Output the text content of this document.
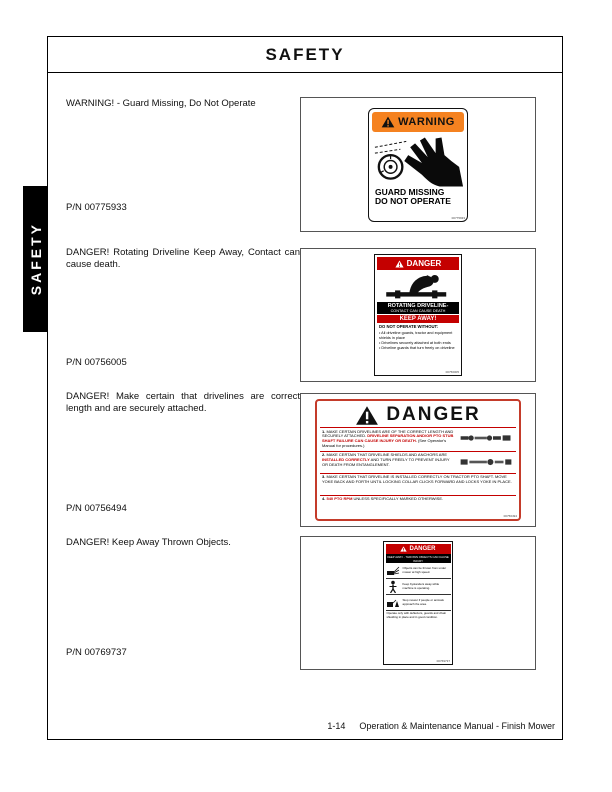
SAFETY
SAFETY

WARNING! - Guard Missing, Do Not Operate

P/N 00775933

WARNING
GUARD MISSING
DO NOT OPERATE
00775933

DANGER! Rotating Driveline Keep Away, Contact can cause death.

P/N 00756005

DANGER
ROTATING DRIVELINE-
CONTACT CAN CAUSE DEATH
KEEP AWAY!
DO NOT OPERATE WITHOUT:
• All driveline guards, tractor and equipment shields in place
• Drivelines securely attached at both ends
• Driveline guards that turn freely on driveline
00756005

DANGER! Make certain that drivelines are correct length and are securely attached.

P/N 00756494

DANGER
1. MAKE CERTAIN DRIVELINES ARE OF THE CORRECT LENGTH AND SECURELY ATTACHED. DRIVELINE SEPARATION AND/OR PTO STUB SHAFT FAILURE CAN CAUSE INJURY OR DEATH. (See Operator's Manual for procedures.)
2. MAKE CERTAIN THAT DRIVELINE SHIELDS AND ANCHORS ARE INSTALLED CORRECTLY AND TURN FREELY TO PREVENT INJURY OR DEATH FROM ENTANGLEMENT.
3. MAKE CERTAIN THAT DRIVELINE IS INSTALLED CORRECTLY ON TRACTOR PTO SHAFT. MOVE YOKE BACK AND FORTH UNTIL LOCKING COLLAR CLICKS FORWARD AND LOCKS YOKE IN PLACE.
4. 540 PTO RPM UNLESS SPECIFICALLY MARKED OTHERWISE.
00756494

DANGER! Keep Away Thrown Objects.

P/N 00769737

DANGER
KEEP AWAY - THROWN OBJECTS CAN CAUSE INJURY
Objects can be thrown from under mower at high speed.
Keep bystanders away while machine is operating.
Stop mower if people or animals approach the area.
Operate only with deflectors, guards and chain shielding in place and in good condition.
00769737
1-14 Operation & Maintenance Manual - Finish Mower
